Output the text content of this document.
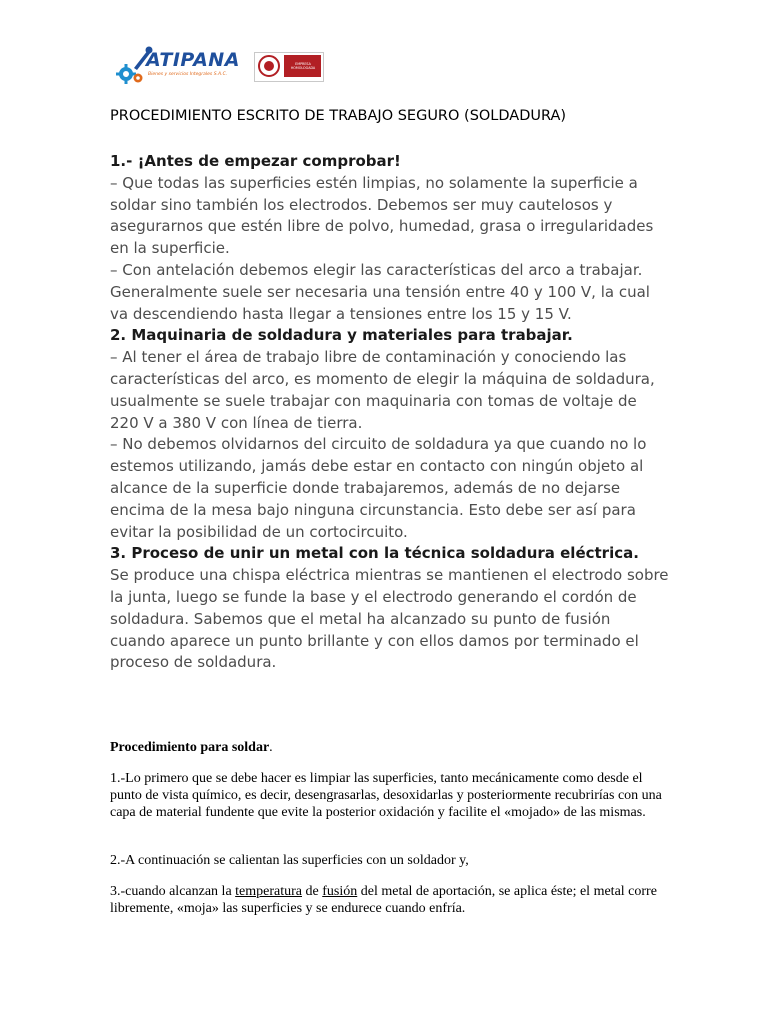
ATIPANA
Bienes y servicios Integrales S.A.C.
EMPRESA HOMOLOGADA
PROCEDIMIENTO ESCRITO DE TRABAJO SEGURO (SOLDADURA)
1.- ¡Antes de empezar comprobar!

– Que todas las superficies estén limpias, no solamente la superficie a soldar sino también los electrodos. Debemos ser muy cautelosos y asegurarnos que estén libre de polvo, humedad, grasa o irregularidades en la superficie.

– Con antelación debemos elegir las características del arco a trabajar. Generalmente suele ser necesaria una tensión entre 40 y 100 V, la cual va descendiendo hasta llegar a tensiones entre los 15 y 15 V.

2. Maquinaria de soldadura y materiales para trabajar.

– Al tener el área de trabajo libre de contaminación y conociendo las características del arco, es momento de elegir la máquina de soldadura, usualmente se suele trabajar con maquinaria con tomas de voltaje de 220 V a 380 V con línea de tierra.

– No debemos olvidarnos del circuito de soldadura ya que cuando no lo estemos utilizando, jamás debe estar en contacto con ningún objeto al alcance de la superficie donde trabajaremos, además de no dejarse encima de la mesa bajo ninguna circunstancia. Esto debe ser así para evitar la posibilidad de un cortocircuito.

3. Proceso de unir un metal con la técnica soldadura eléctrica.

Se produce una chispa eléctrica mientras se mantienen el electrodo sobre la junta, luego se funde la base y el electrodo generando el cordón de soldadura. Sabemos que el metal ha alcanzado su punto de fusión cuando aparece un punto brillante y con ellos damos por terminado el proceso de soldadura.

Procedimiento para soldar.

1.-Lo primero que se debe hacer es limpiar las superficies, tanto mecánicamente como desde el punto de vista químico, es decir, desengrasarlas, desoxidarlas y posteriormente recubrirías con una capa de material fundente que evite la posterior oxidación y facilite el «mojado» de las mismas.

2.-A continuación se calientan las superficies con un soldador y,

3.-cuando alcanzan la temperatura de fusión del metal de aportación, se aplica éste; el metal corre libremente, «moja» las superficies y se endurece cuando enfría.
